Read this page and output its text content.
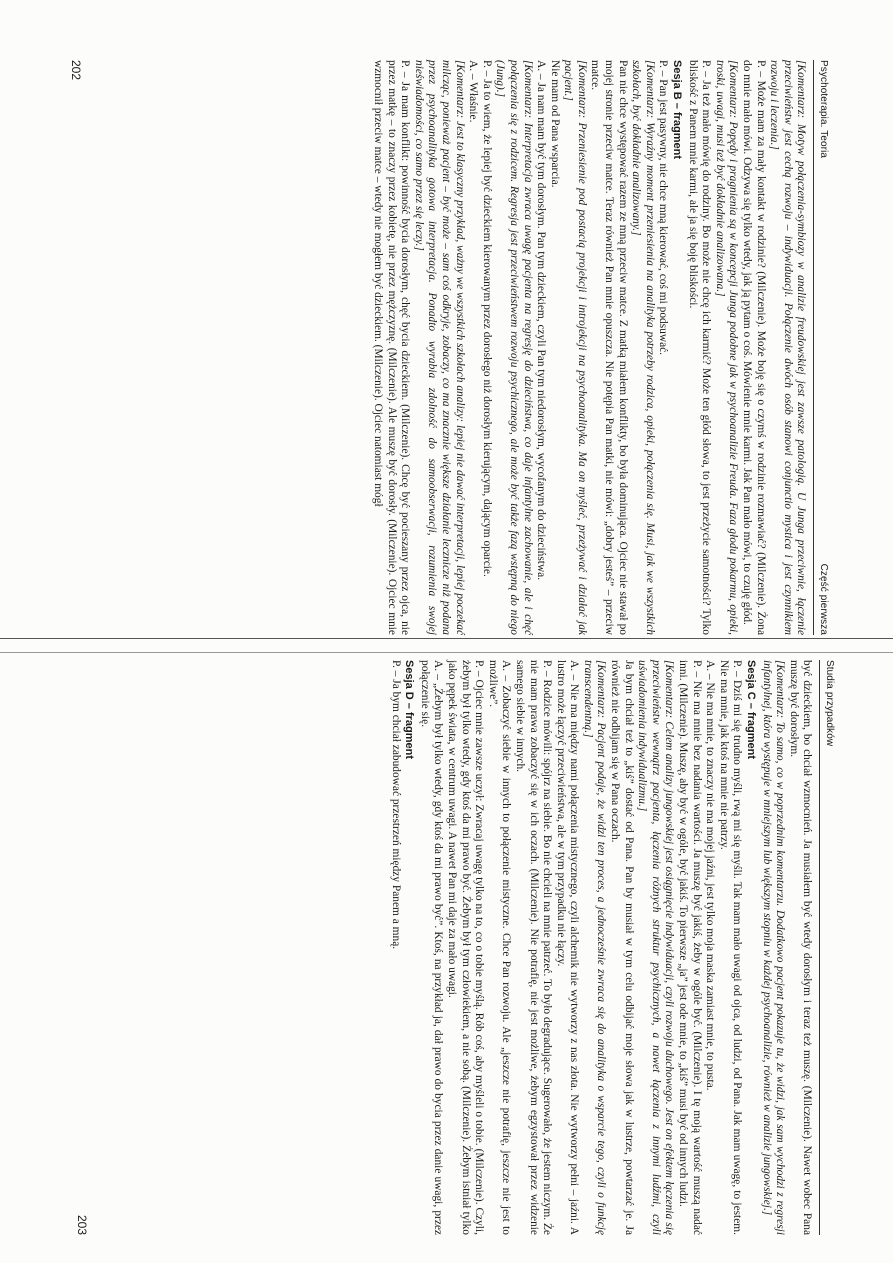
Psychoterapia. Teoria
Część pierwsza

[Komentarz: Motyw połączenia-symbiozy w analizie freudowskiej jest zawsze patologią. U Junga przeciwnie, łączenie przeciwieństw jest cechą rozwoju – indywiduacji. Połączenie dwóch osób stanowi conjunctio mystica i jest czynnikiem rozwoju i leczenia.]

P. – Może mam za mały kontakt w rodzinie? (Milczenie). Może boję się o czymś w rodzinie rozmawiać? (Milczenie). Żona do mnie mało mówi. Odzywa się tylko wtedy, jak ją pytam o coś. Mówienie mnie karmi. Jak Pan mało mówi, to czuję głód.

[Komentarz: Popędy i pragnienia są w koncepcji Junga podobne jak w psychoanalizie Freuda. Faza głodu pokarmu, opieki, troski, uwagi, musi też być dokładnie analizowana.]

P. – Ja też mało mówię do rodziny. Bo może nie chcę ich karmić? Może ten głód słowa, to jest przeżycie samotności? Tylko bliskość z Panem mnie karmi, ale ja się boję bliskości.

Sesja B – fragment

P. – Pan jest pasywny, nie chce mną kierować, coś mi podsuwać.

[Komentarz: Wyraźny moment przeniesienia na analityka potrzeby rodzica, opieki, połączenia się. Musi, jak we wszystkich szkołach, być dokładnie analizowany.]

Pan nie chce występować razem ze mną przeciw matce. Z matką miałem konflikty, bo była dominująca. Ojciec nie stawał po mojej stronie przeciw matce. Teraz również Pan mnie opuszcza. Nie potępia Pan matki, nie mówi: „dobry jesteś” – przeciw matce.

[Komentarz: Przeniesienie pod postacią projekcji i introjekcji na psychoanalityka. Ma on myśleć, przeżywać i działać jak pacjent.]

Nie mam od Pana wsparcia.

A. – Ja nam mam być tym dorosłym. Pan tym dzieckiem, czyli Pan tym niedorosłym, wycofanym do dzieciństwa.

[Komentarz: Interpretacja zwraca uwagę pacjenta na regresję do dzieciństwa, co daje infantylne zachowanie, ale i chęć połączenia się z rodzicem. Regresja jest przeciwieństwem rozwoju psychicznego, ale może być także fazą wstępną do niego (Jung).]

P. – Ja to wiem, że lepiej być dzieckiem kierowanym przez dorosłego niż dorosłym kierującym, dającym oparcie.

A. – Właśnie.

[Komentarz: Jest to klasyczny przykład, ważny we wszystkich szkołach analizy: lepiej nie dawać interpretacji, lepiej poczekać milcząc, ponieważ pacjent – być może – sam coś odkryje, zobaczy, co ma znacznie większe działanie lecznicze niż podana przez psychoanalityka gotowa interpretacja. Ponadto wyrabia zdolność do samoobserwacji, rozumienia swojej nieświadomości, co samo przez się leczy.]

P. – Ja mam konflikt: powinność bycia dorosłym, chęć bycia dzieckiem. (Milczenie). Chcę być pocieszany przez ojca, nie przez matkę – to znaczy przez kobietę, nie przez mężczyznę. (Milczenie). Ale muszę być dorosły. (Milczenie). Ojciec mnie wzmocnił przeciw matce – wtedy nie mogłem być dzieckiem. (Milczenie). Ojciec natomiast mógł

202
Studia przypadków

być dzieckiem, bo chciał wzmocnień. Ja musiałem być wtedy dorosłym i teraz też muszę. (Milczenie). Nawet wobec Pana muszę być dorosłym.

[Komentarz: To samo, co w poprzednim komentarzu. Dodatkowo pacjent pokazuje tu, że widzi, jak sam wychodzi z regresji infantylnej, która występuje w mniejszym lub większym stopniu w każdej psychoanalizie, również w analizie jungowskiej.]

Sesja C – fragment

P. – Dziś mi się trudno myśli, rwą mi się myśli. Tak mam mało uwagi od ojca, od ludzi, od Pana. Jak mam uwagę, to jestem. Nie ma mnie, jak ktoś na mnie nie patrzy.

A. – Nie ma mnie, to znaczy nie ma mojej jaźni, jest tylko moja maska zamiast mnie, to pusta.

P. – Nie ma mnie bez nadania wartości. Ja muszę być jakiś, żeby w ogóle być. (Milczenie). I tę moją wartość muszą nadać inni. (Milczenie). Muszę, aby być w ogóle, być jakiś. To pierwsze „ja” jest ode mnie, to „kiś” musi być od innych ludzi.

[Komentarz: Celem analizy jungowskiej jest osiągnięcie indywiduacji, czyli rozwoju duchowego. Jest on efektem łączenia się przeciwieństw wewnątrz pacjenta, łączenia różnych struktur psychicznych, a nawet łączenia z innymi ludźmi, czyli uświadomienia indywidualizmu.]

Ja bym chciał też to „kiś” dostać od Pana. Pan by musiał w tym celu odbijać moje słowa jak w lustrze, powtarzać je. Ja również nie odbijam się w Pana oczach.

[Komentarz: Pacjent podaje, że widzi ten proces, a jednocześnie zwraca się do analityka o wsparcie tego, czyli o funkcję transcendentną.]

A. – Nie ma między nami połączenia mistycznego, czyli alchemik nie wytworzy z nas złota. Nie wytworzy pełni – jaźni. A lustro może łączyć przeciwieństwa, ale w tym przypadku nie łączy.

P. – Rodzice mówili: spójrz na siebie. Bo nie chcieli na mnie patrzeć. To było degradujące. Sugerowało, że jestem niczym. Że nie mam prawa zobaczyć się w ich oczach. (Milczenie). Nie potrafię, nie jest możliwe, żebym egzystował przez widzenie samego siebie w innych.

A. – Zobaczyć siebie w innych to połączenie mistyczne. Chce Pan rozwoju. Ale „jeszcze nie potrafię, jeszcze nie jest to możliwe”.

P. – Ojciec mnie zawsze uczył: Zwracaj uwagę tylko na to, co o tobie myślą. Rób coś, aby myśleli o tobie. (Milczenie). Czyli, żebym był tylko wtedy, gdy ktoś da mi prawo być. Żebym był tym człowiekiem, a nie sobą. (Milczenie). Żebym istniał tylko jako pępek świata, w centrum uwagi. A nawet Pan mi daje za mało uwagi.

A. – „Żebym był tylko wtedy, gdy ktoś da mi prawo być”. Ktoś, na przykład ja, dał prawo do bycia przez danie uwagi, przez połączenie się.

Sesja D – fragment

P. – Ja bym chciał zabudować przestrzeń między Panem a mną.

203
